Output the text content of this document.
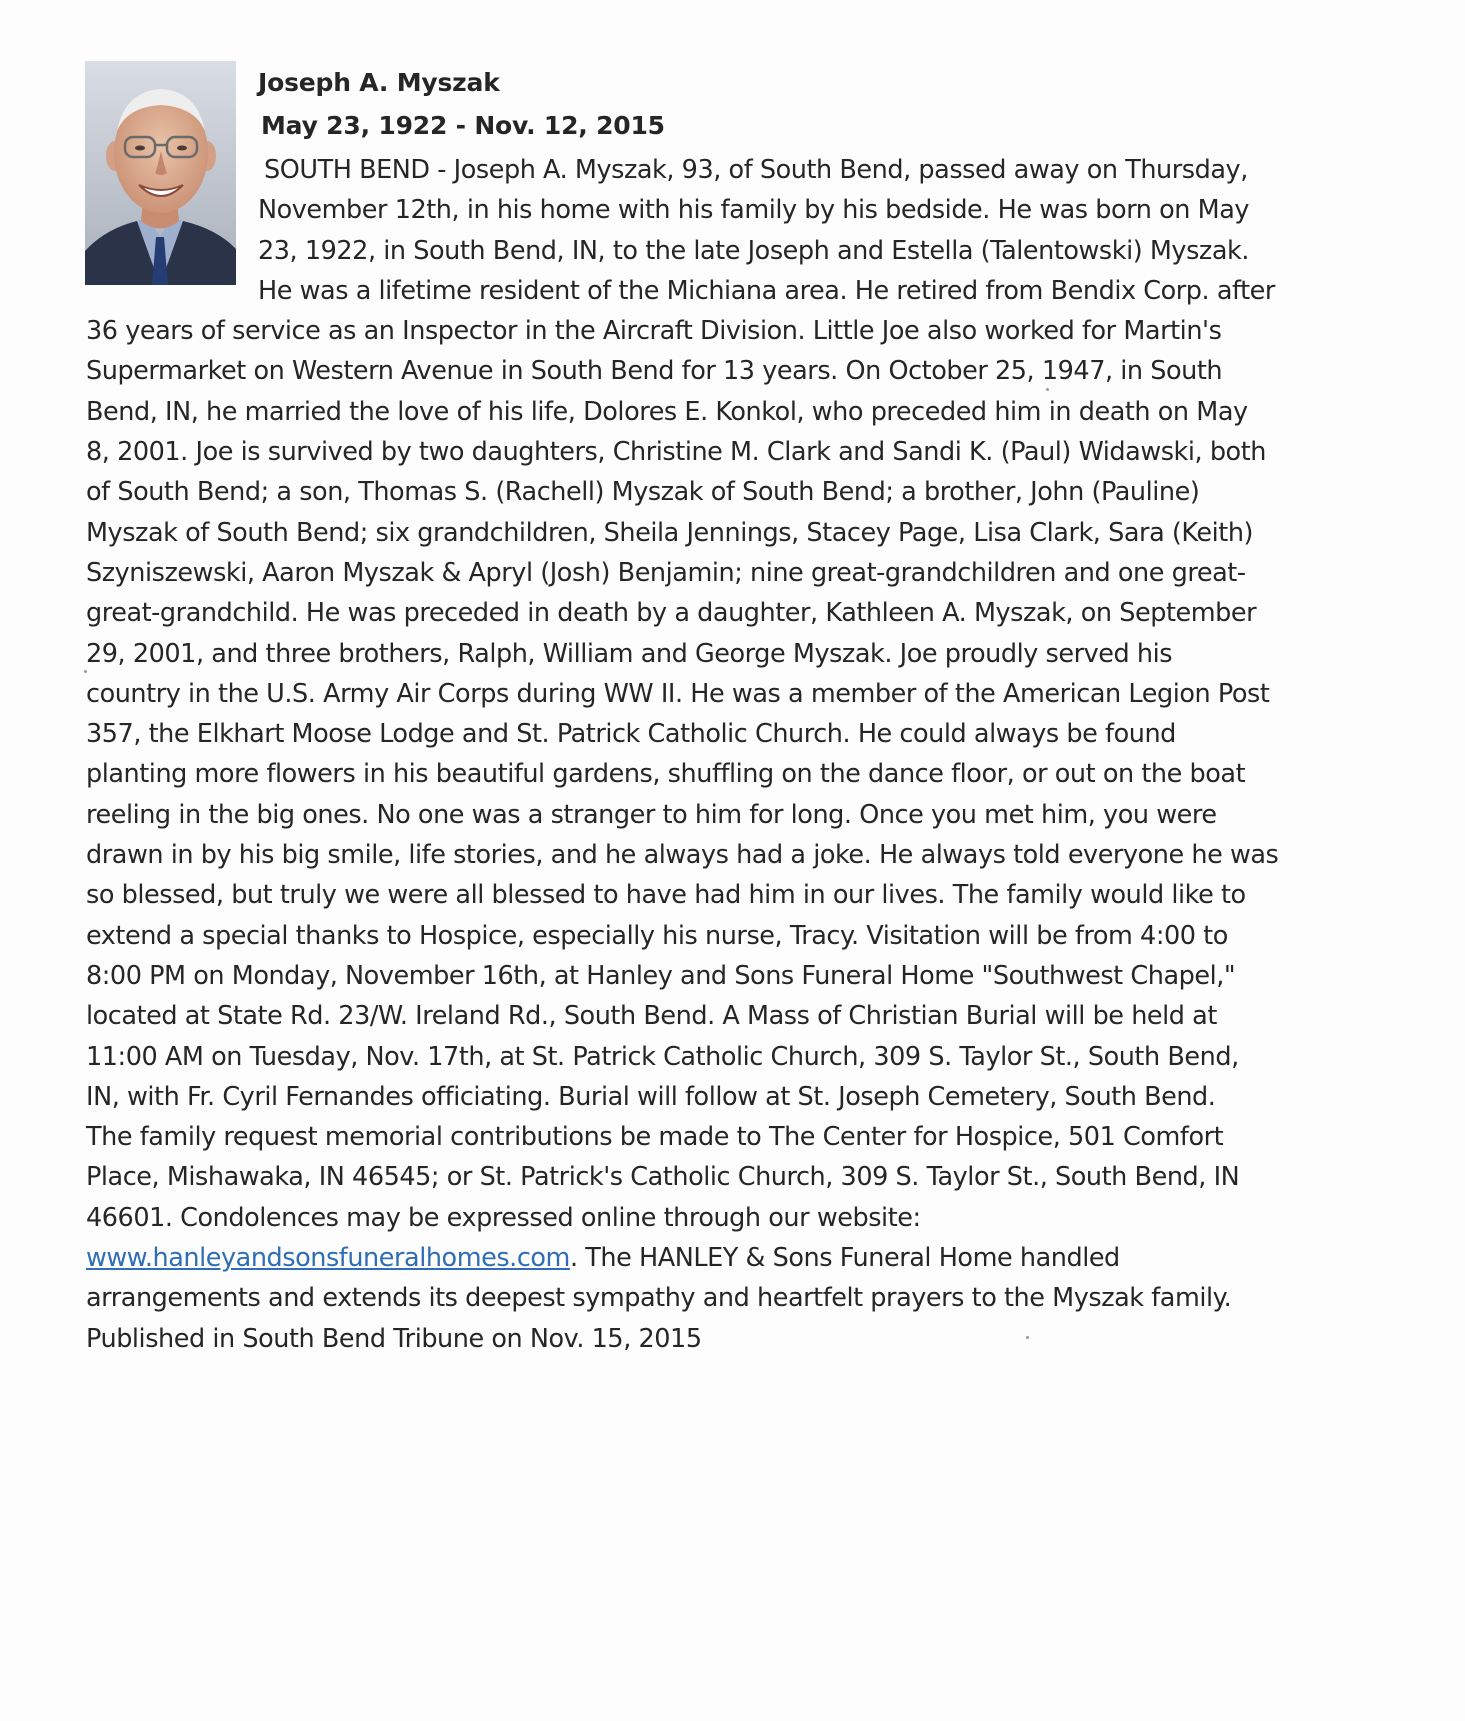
Joseph A. Myszak
May 23, 1922 - Nov. 12, 2015
SOUTH BEND - Joseph A. Myszak, 93, of South Bend, passed away on Thursday,
November 12th, in his home with his family by his bedside. He was born on May
23, 1922, in South Bend, IN, to the late Joseph and Estella (Talentowski) Myszak.
He was a lifetime resident of the Michiana area. He retired from Bendix Corp. after
36 years of service as an Inspector in the Aircraft Division. Little Joe also worked for Martin's
Supermarket on Western Avenue in South Bend for 13 years. On October 25, 1947, in South
Bend, IN, he married the love of his life, Dolores E. Konkol, who preceded him in death on May
8, 2001. Joe is survived by two daughters, Christine M. Clark and Sandi K. (Paul) Widawski, both
of South Bend; a son, Thomas S. (Rachell) Myszak of South Bend; a brother, John (Pauline)
Myszak of South Bend; six grandchildren, Sheila Jennings, Stacey Page, Lisa Clark, Sara (Keith)
Szyniszewski, Aaron Myszak & Apryl (Josh) Benjamin; nine great-grandchildren and one great-
great-grandchild. He was preceded in death by a daughter, Kathleen A. Myszak, on September
29, 2001, and three brothers, Ralph, William and George Myszak. Joe proudly served his
country in the U.S. Army Air Corps during WW II. He was a member of the American Legion Post
357, the Elkhart Moose Lodge and St. Patrick Catholic Church. He could always be found
planting more flowers in his beautiful gardens, shuffling on the dance floor, or out on the boat
reeling in the big ones. No one was a stranger to him for long. Once you met him, you were
drawn in by his big smile, life stories, and he always had a joke. He always told everyone he was
so blessed, but truly we were all blessed to have had him in our lives. The family would like to
extend a special thanks to Hospice, especially his nurse, Tracy. Visitation will be from 4:00 to
8:00 PM on Monday, November 16th, at Hanley and Sons Funeral Home "Southwest Chapel,"
located at State Rd. 23/W. Ireland Rd., South Bend. A Mass of Christian Burial will be held at
11:00 AM on Tuesday, Nov. 17th, at St. Patrick Catholic Church, 309 S. Taylor St., South Bend,
IN, with Fr. Cyril Fernandes officiating. Burial will follow at St. Joseph Cemetery, South Bend.
The family request memorial contributions be made to The Center for Hospice, 501 Comfort
Place, Mishawaka, IN 46545; or St. Patrick's Catholic Church, 309 S. Taylor St., South Bend, IN
46601. Condolences may be expressed online through our website:
www.hanleyandsonsfuneralhomes.com. The HANLEY & Sons Funeral Home handled
arrangements and extends its deepest sympathy and heartfelt prayers to the Myszak family.
Published in South Bend Tribune on Nov. 15, 2015
